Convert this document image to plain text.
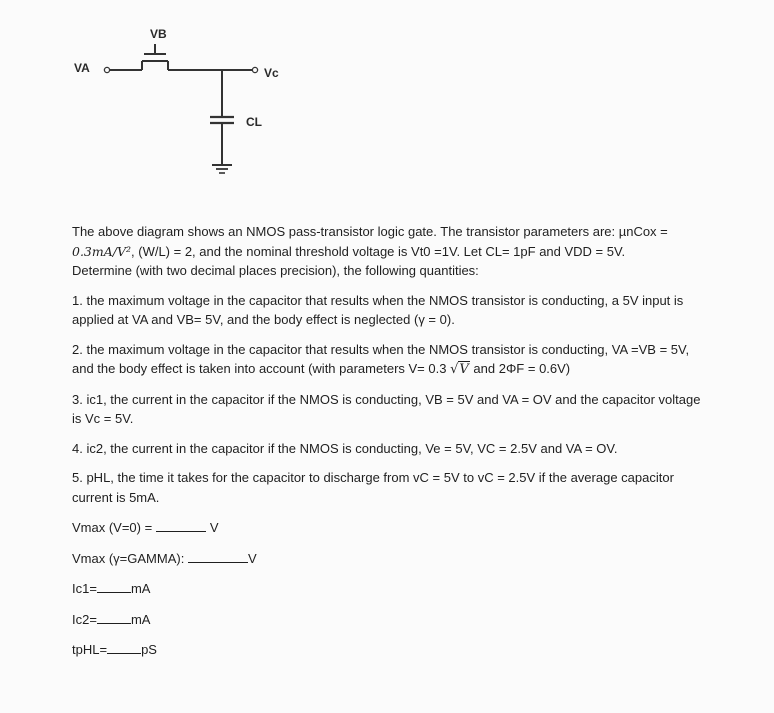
VB
VA	Vc
CL

The above diagram shows an NMOS pass-transistor logic gate. The transistor parameters are: µnCox =
0.3mA/V², (W/L) = 2, and the nominal threshold voltage is Vt0 =1V. Let CL= 1pF and VDD = 5V.
Determine (with two decimal places precision), the following quantities:

1. the maximum voltage in the capacitor that results when the NMOS transistor is conducting, a 5V input is applied at VA and VB= 5V, and the body effect is neglected (γ = 0).

2. the maximum voltage in the capacitor that results when the NMOS transistor is conducting, VA =VB = 5V, and the body effect is taken into account (with parameters V= 0.3 √V and 2ΦF = 0.6V)

3. ic1, the current in the capacitor if the NMOS is conducting, VB = 5V and VA = OV and the capacitor voltage is Vc = 5V.

4. ic2, the current in the capacitor if the NMOS is conducting, Ve = 5V, VC = 2.5V and VA = OV.

5. pHL, the time it takes for the capacitor to discharge from vC = 5V to vC = 2.5V if the average capacitor current is 5mA.

Vmax (V=0) =	V
Vmax (γ=GAMMA):	V
Ic1=	mA
Ic2=	mA
tpHL=	pS
